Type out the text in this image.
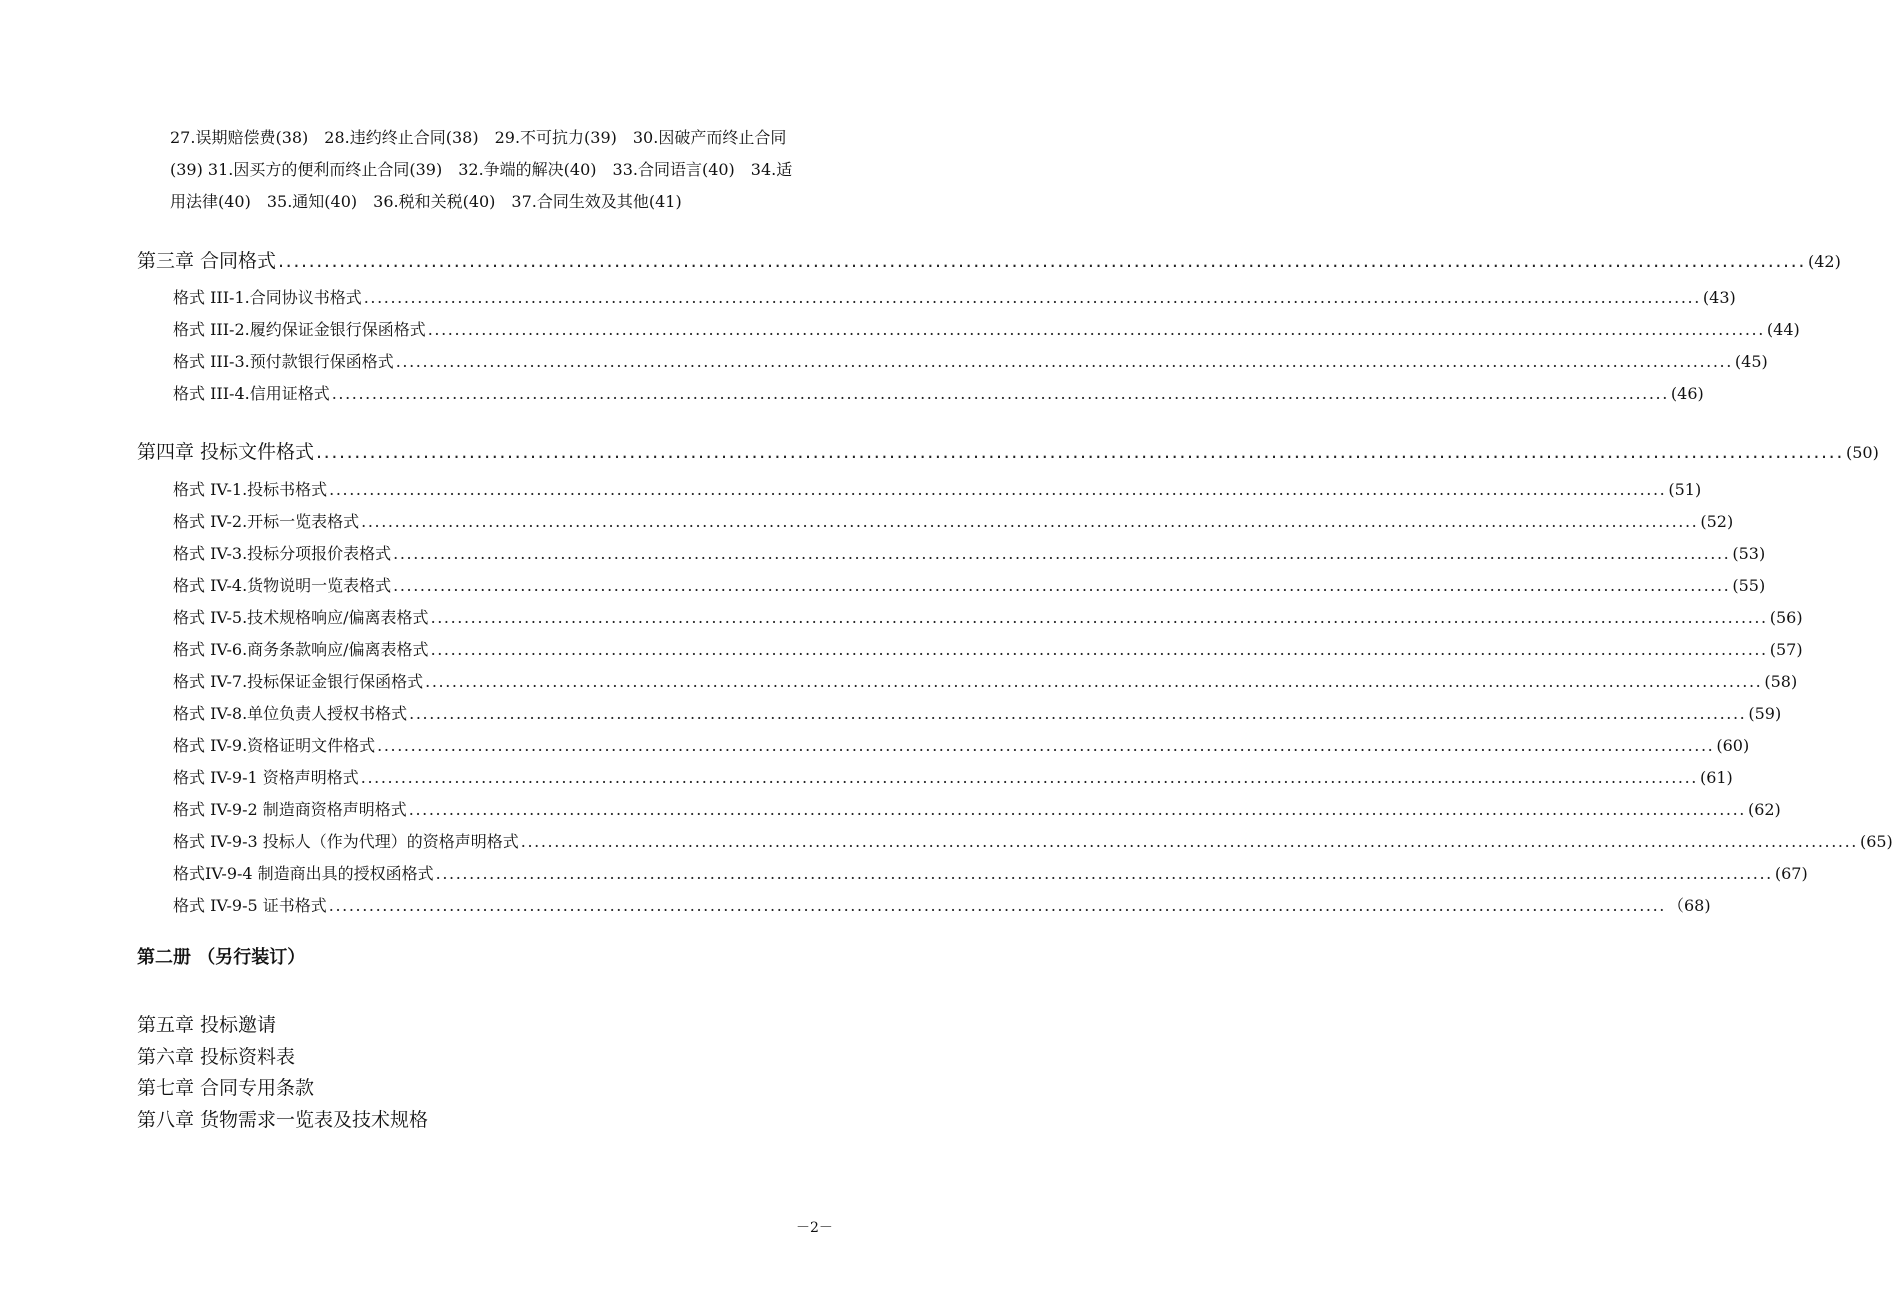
27.误期赔偿费(38)　28.违约终止合同(38)　29.不可抗力(39)　30.因破产而终止合同

(39) 31.因买方的便利而终止合同(39)　32.争端的解决(40)　33.合同语言(40)　34.适

用法律(40)　35.通知(40)　36.税和关税(40)　37.合同生效及其他(41)

第三章 合同格式 ........................................................................................................................................................................................................ (42)
格式 III-1.合同协议书格式 ........................................................................................................................................................................................................ (43)
格式 III-2.履约保证金银行保函格式 ........................................................................................................................................................................................................ (44)
格式 III-3.预付款银行保函格式 ........................................................................................................................................................................................................ (45)
格式 III-4.信用证格式 ........................................................................................................................................................................................................ (46)
第四章 投标文件格式 ........................................................................................................................................................................................................ (50)
格式 IV-1.投标书格式 ........................................................................................................................................................................................................ (51)
格式 IV-2.开标一览表格式 ........................................................................................................................................................................................................ (52)
格式 IV-3.投标分项报价表格式 ........................................................................................................................................................................................................ (53)
格式 IV-4.货物说明一览表格式 ........................................................................................................................................................................................................ (55)
格式 IV-5.技术规格响应/偏离表格式 ........................................................................................................................................................................................................ (56)
格式 IV-6.商务条款响应/偏离表格式 ........................................................................................................................................................................................................ (57)
格式 IV-7.投标保证金银行保函格式 ........................................................................................................................................................................................................ (58)
格式 IV-8.单位负责人授权书格式 ........................................................................................................................................................................................................ (59)
格式 IV-9.资格证明文件格式 ........................................................................................................................................................................................................ (60)
格式 IV-9-1 资格声明格式 ........................................................................................................................................................................................................ (61)
格式 IV-9-2 制造商资格声明格式 ........................................................................................................................................................................................................ (62)
格式 IV-9-3 投标人（作为代理）的资格声明格式 ........................................................................................................................................................................................................ (65)
格式IV-9-4 制造商出具的授权函格式 ........................................................................................................................................................................................................ (67)
格式 IV-9-5 证书格式 ........................................................................................................................................................................................................ （68)
第二册 （另行装订）
第五章 投标邀请
第六章 投标资料表
第七章 合同专用条款
第八章 货物需求一览表及技术规格
－2－
